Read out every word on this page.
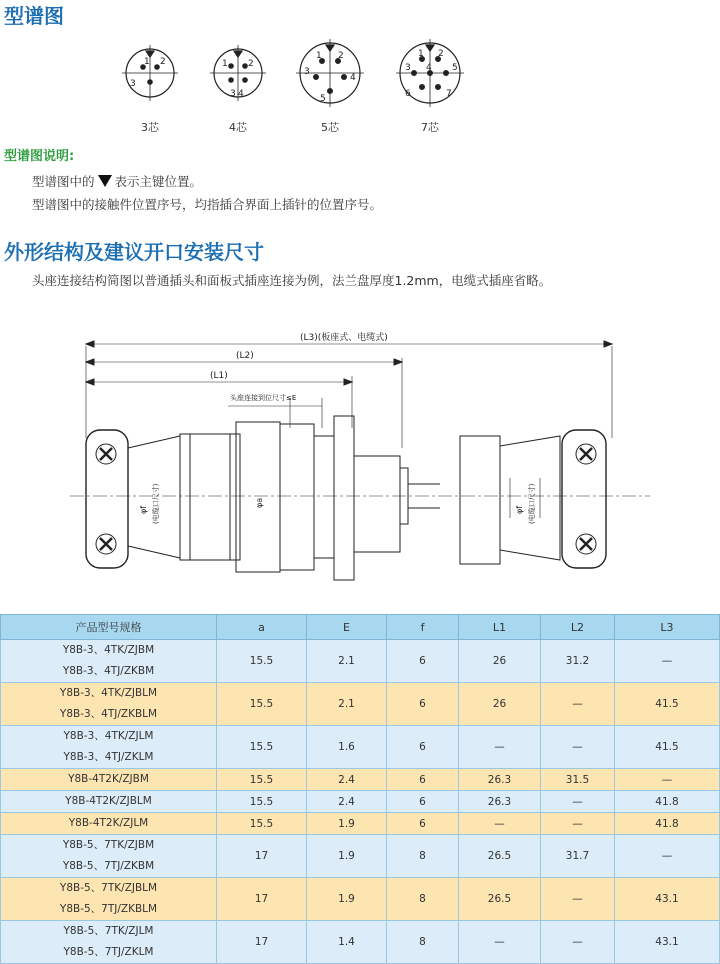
型谱图
1 2
3
1 2
3 4
1 2
3
4
5
1 2
3 4 5
6	7
3芯	4芯	5芯	7芯
型谱图说明:
型谱图中的 表示主键位置。
型谱图中的接触件位置序号，均指插合界面上插针的位置序号。
外形结构及建议开口安装尺寸
头座连接结构简图以普通插头和面板式插座连接为例，法兰盘厚度1.2mm，电缆式插座省略。
(L3)(板座式、电缆式)
(L2)
(L1)
头座连接到位尺寸≤E
φf (电缆口尺寸)	φa
φf (电缆口尺寸)
产品型号规格	a	E	f	L1	L2	L3

Y8B-3、4TK/ZJBM
Y8B-3、4TJ/ZKBM	15.5	2.1	6	26	31.2	—

Y8B-3、4TK/ZJBLM
Y8B-3、4TJ/ZKBLM	15.5	2.1	6	26	—	41.5

Y8B-3、4TK/ZJLM
Y8B-3、4TJ/ZKLM	15.5	1.6	6	—	—	41.5

Y8B-4T2K/ZJBM	15.5	2.4	6	26.3	31.5	—

Y8B-4T2K/ZJBLM	15.5	2.4	6	26.3	—	41.8

Y8B-4T2K/ZJLM	15.5	1.9	6	—	—	41.8

Y8B-5、7TK/ZJBM
Y8B-5、7TJ/ZKBM	17	1.9	8	26.5	31.7	—

Y8B-5、7TK/ZJBLM
Y8B-5、7TJ/ZKBLM	17	1.9	8	26.5	—	43.1

Y8B-5、7TK/ZJLM
Y8B-5、7TJ/ZKLM	17	1.4	8	—	—	43.1
